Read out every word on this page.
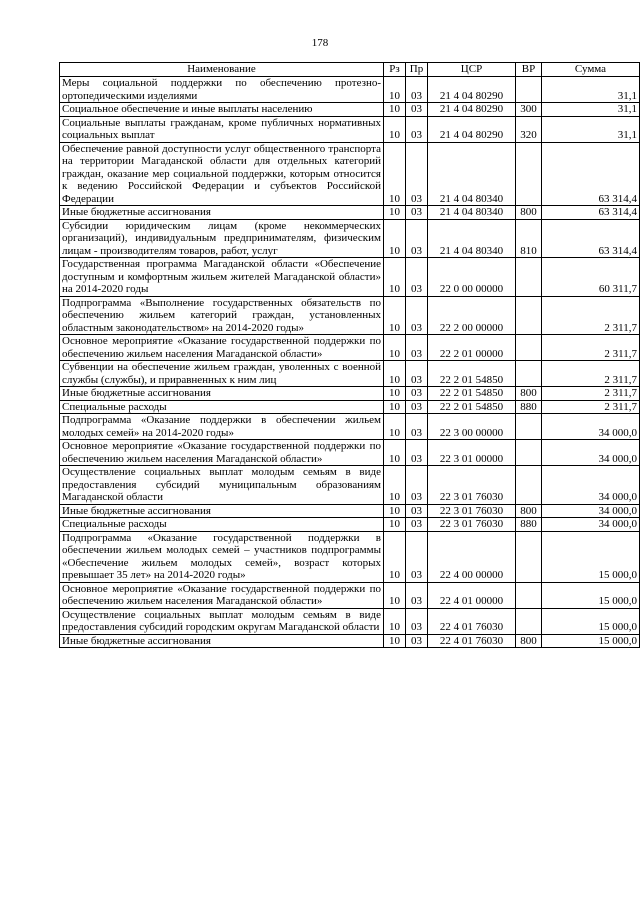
178
Наименование	Рз	Пр	ЦСР	ВР	Сумма
Меры социальной поддержки по обеспечению протезно-ортопедическими изделиями	10	03	21 4 04 80290		31,1
Социальное обеспечение и иные выплаты населению	10	03	21 4 04 80290	300	31,1
Социальные выплаты гражданам, кроме публичных нормативных социальных выплат	10	03	21 4 04 80290	320	31,1
Обеспечение равной доступности услуг общественного транспорта на территории Магаданской области для отдельных категорий граждан, оказание мер социальной поддержки, которым относится к ведению Российской Федерации и субъектов Российской Федерации	10	03	21 4 04 80340		63 314,4
Иные бюджетные ассигнования	10	03	21 4 04 80340	800	63 314,4
Субсидии юридическим лицам (кроме некоммерческих организаций), индивидуальным предпринимателям, физическим лицам - производителям товаров, работ, услуг	10	03	21 4 04 80340	810	63 314,4
Государственная программа Магаданской области «Обеспечение доступным и комфортным жильем жителей Магаданской области» на 2014-2020 годы	10	03	22 0 00 00000		60 311,7
Подпрограмма «Выполнение государственных обязательств по обеспечению жильем категорий граждан, установленных областным законодательством» на 2014-2020 годы»	10	03	22 2 00 00000		2 311,7
Основное мероприятие «Оказание государственной поддержки по обеспечению жильем населения Магаданской области»	10	03	22 2 01 00000		2 311,7
Субвенции на обеспечение жильем граждан, уволенных с военной службы (службы), и приравненных к ним лиц	10	03	22 2 01 54850		2 311,7
Иные бюджетные ассигнования	10	03	22 2 01 54850	800	2 311,7
Специальные расходы	10	03	22 2 01 54850	880	2 311,7
Подпрограмма «Оказание поддержки в обеспечении жильем молодых семей» на 2014-2020 годы»	10	03	22 3 00 00000		34 000,0
Основное мероприятие «Оказание государственной поддержки по обеспечению жильем населения Магаданской области»	10	03	22 3 01 00000		34 000,0
Осуществление социальных выплат молодым семьям в виде предоставления субсидий муниципальным образованиям Магаданской области	10	03	22 3 01 76030		34 000,0
Иные бюджетные ассигнования	10	03	22 3 01 76030	800	34 000,0
Специальные расходы	10	03	22 3 01 76030	880	34 000,0
Подпрограмма «Оказание государственной поддержки в обеспечении жильем молодых семей – участников подпрограммы «Обеспечение жильем молодых семей», возраст которых превышает 35 лет» на 2014-2020 годы»	10	03	22 4 00 00000		15 000,0
Основное мероприятие «Оказание государственной поддержки по обеспечению жильем населения Магаданской области»	10	03	22 4 01 00000		15 000,0
Осуществление социальных выплат молодым семьям в виде предоставления субсидий городским округам Магаданской области	10	03	22 4 01 76030		15 000,0
Иные бюджетные ассигнования	10	03	22 4 01 76030	800	15 000,0
